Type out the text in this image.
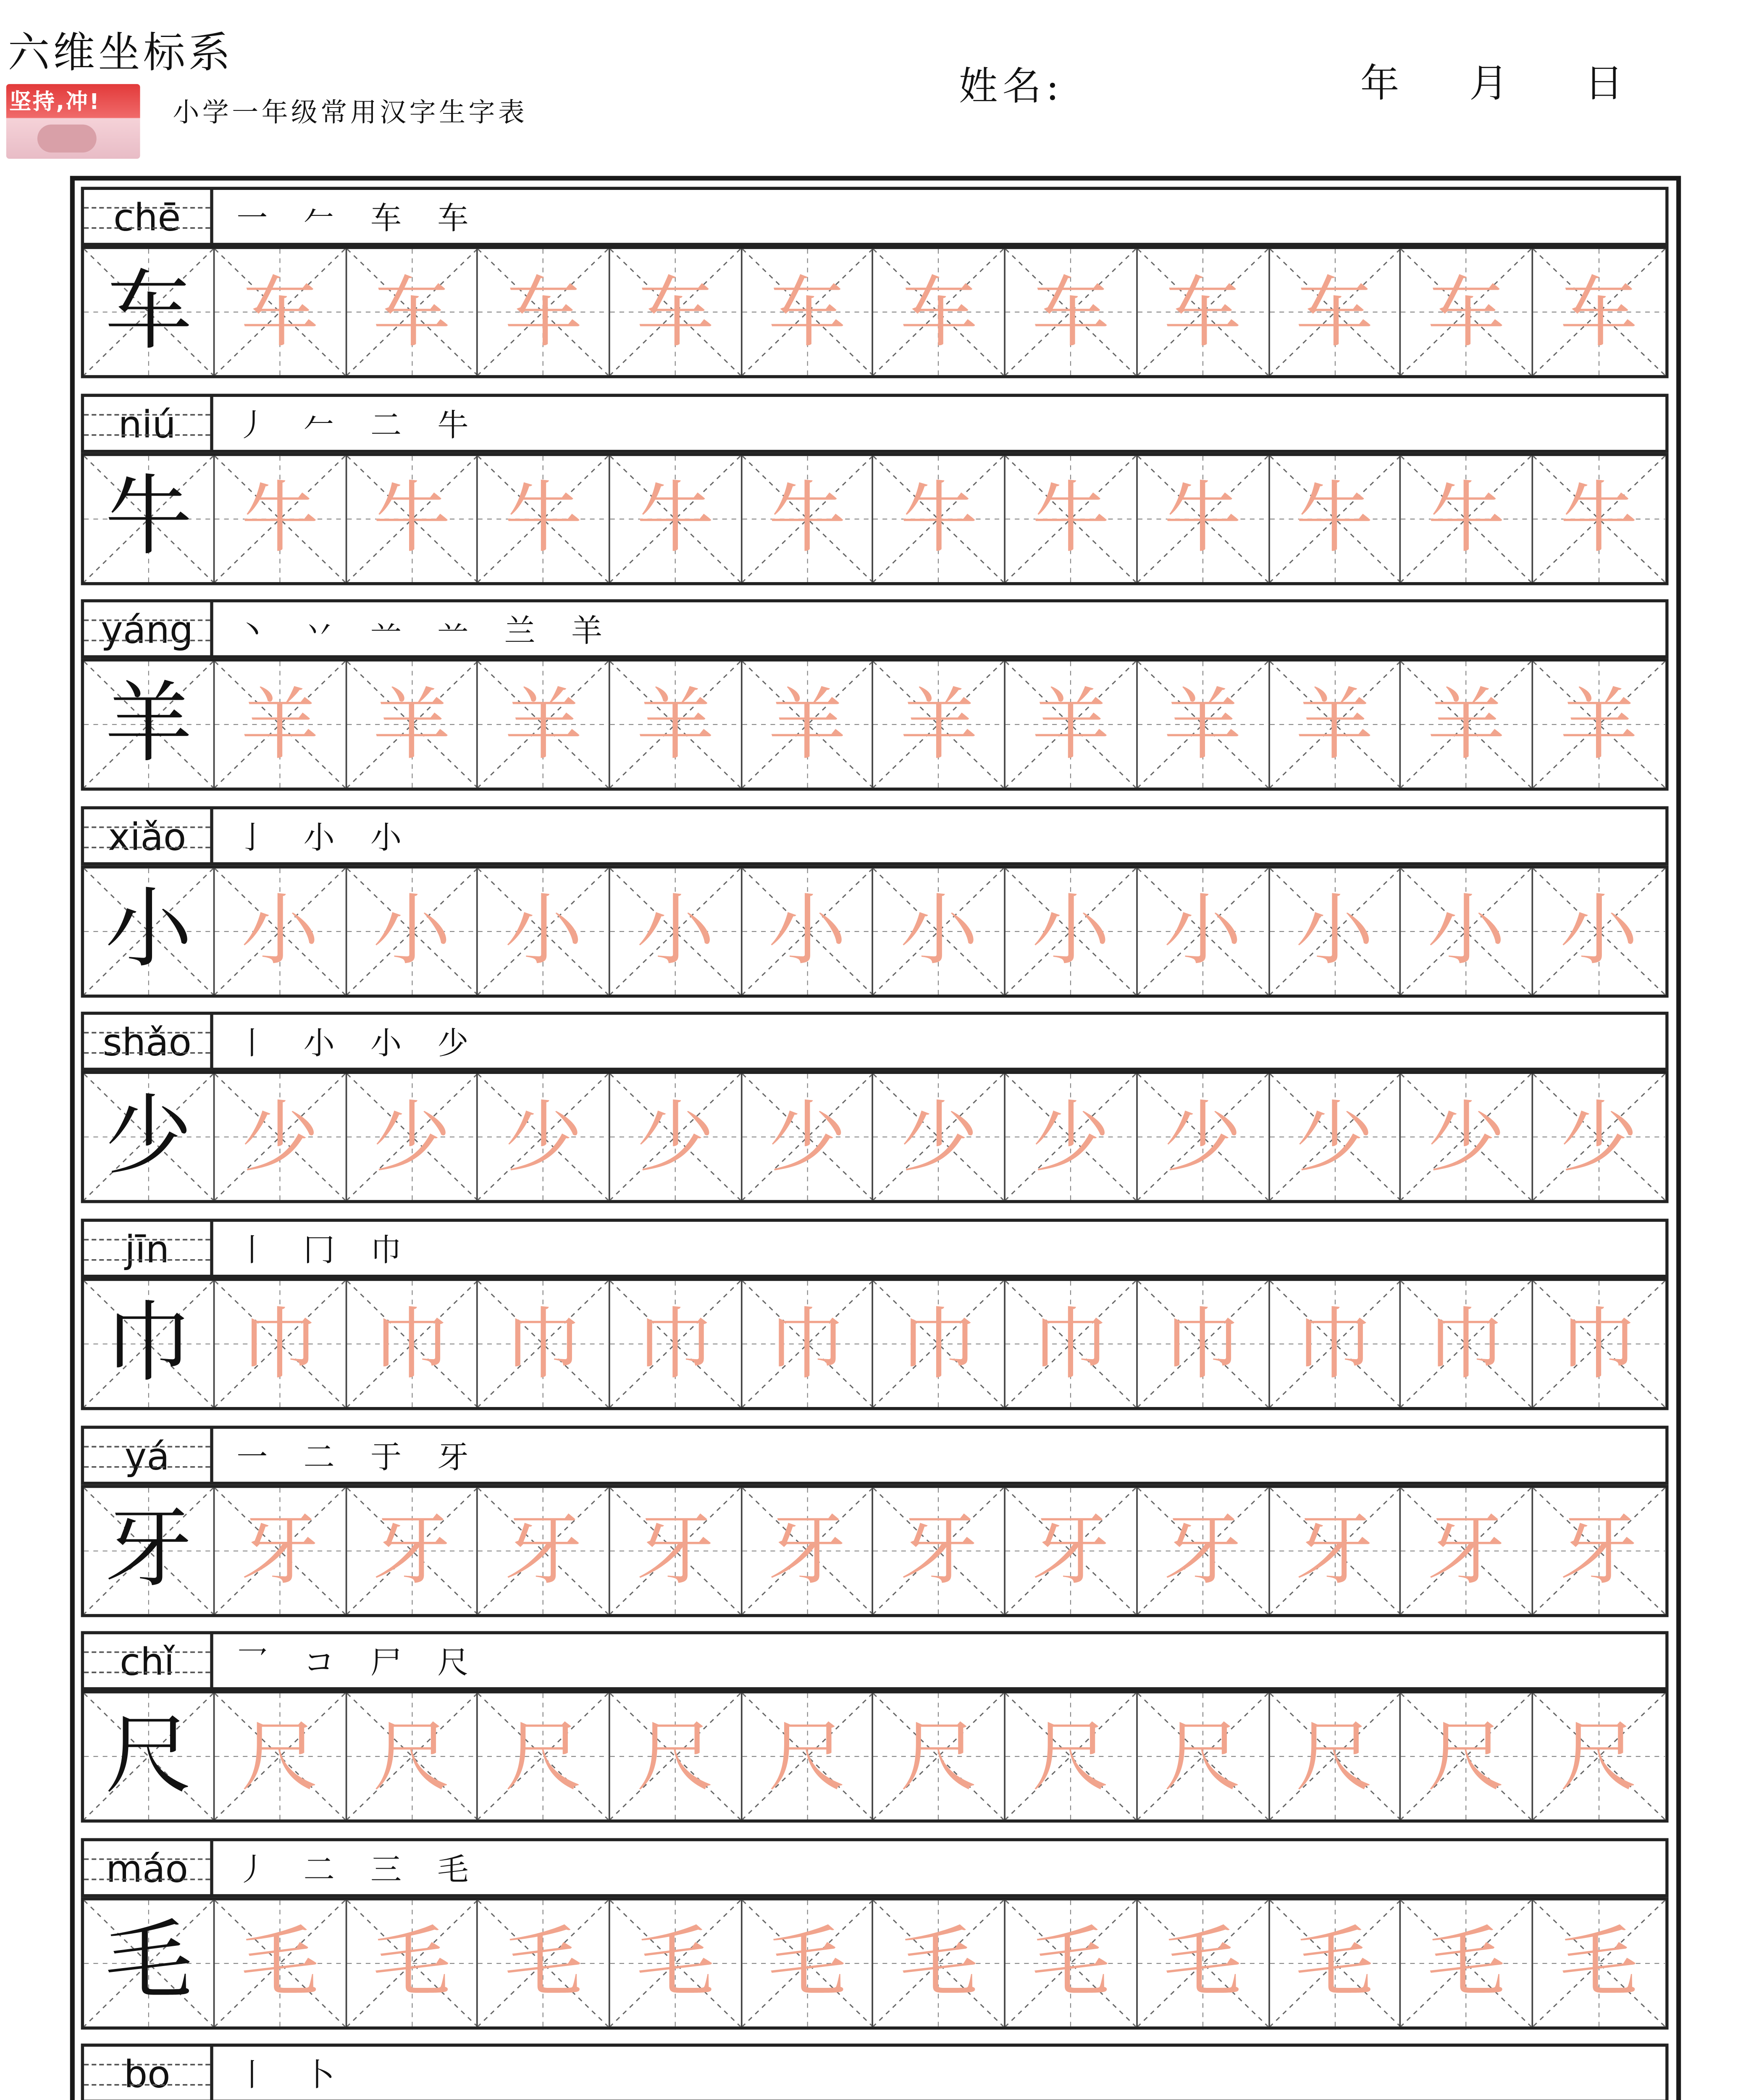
六维坐标系
坚持,冲!	小学一年级常用汉字生字表
姓名:	年	月	日
chē	一	𠂉	车	车
车	车	车	车	车	车	车	车	车	车	车	车
niú	丿	𠂉	二	牛
牛	牛	牛	牛	牛	牛	牛	牛	牛	牛	牛	牛
yáng	丶	丷	䒑	䒑	兰	羊
羊	羊	羊	羊	羊	羊	羊	羊	羊	羊	羊	羊
xiǎo	亅	小	小
小	小	小	小	小	小	小	小	小	小	小	小
shǎo	丨	小	小	少
少	少	少	少	少	少	少	少	少	少	少	少
jīn	丨	冂	巾
巾	巾	巾	巾	巾	巾	巾	巾	巾	巾	巾	巾
yá	一	二	于	牙
牙	牙	牙	牙	牙	牙	牙	牙	牙	牙	牙	牙
chǐ	乛	コ	尸	尺
尺	尺	尺	尺	尺	尺	尺	尺	尺	尺	尺	尺
máo	丿	二	三	毛
毛	毛	毛	毛	毛	毛	毛	毛	毛	毛	毛	毛
bo	丨	卜
